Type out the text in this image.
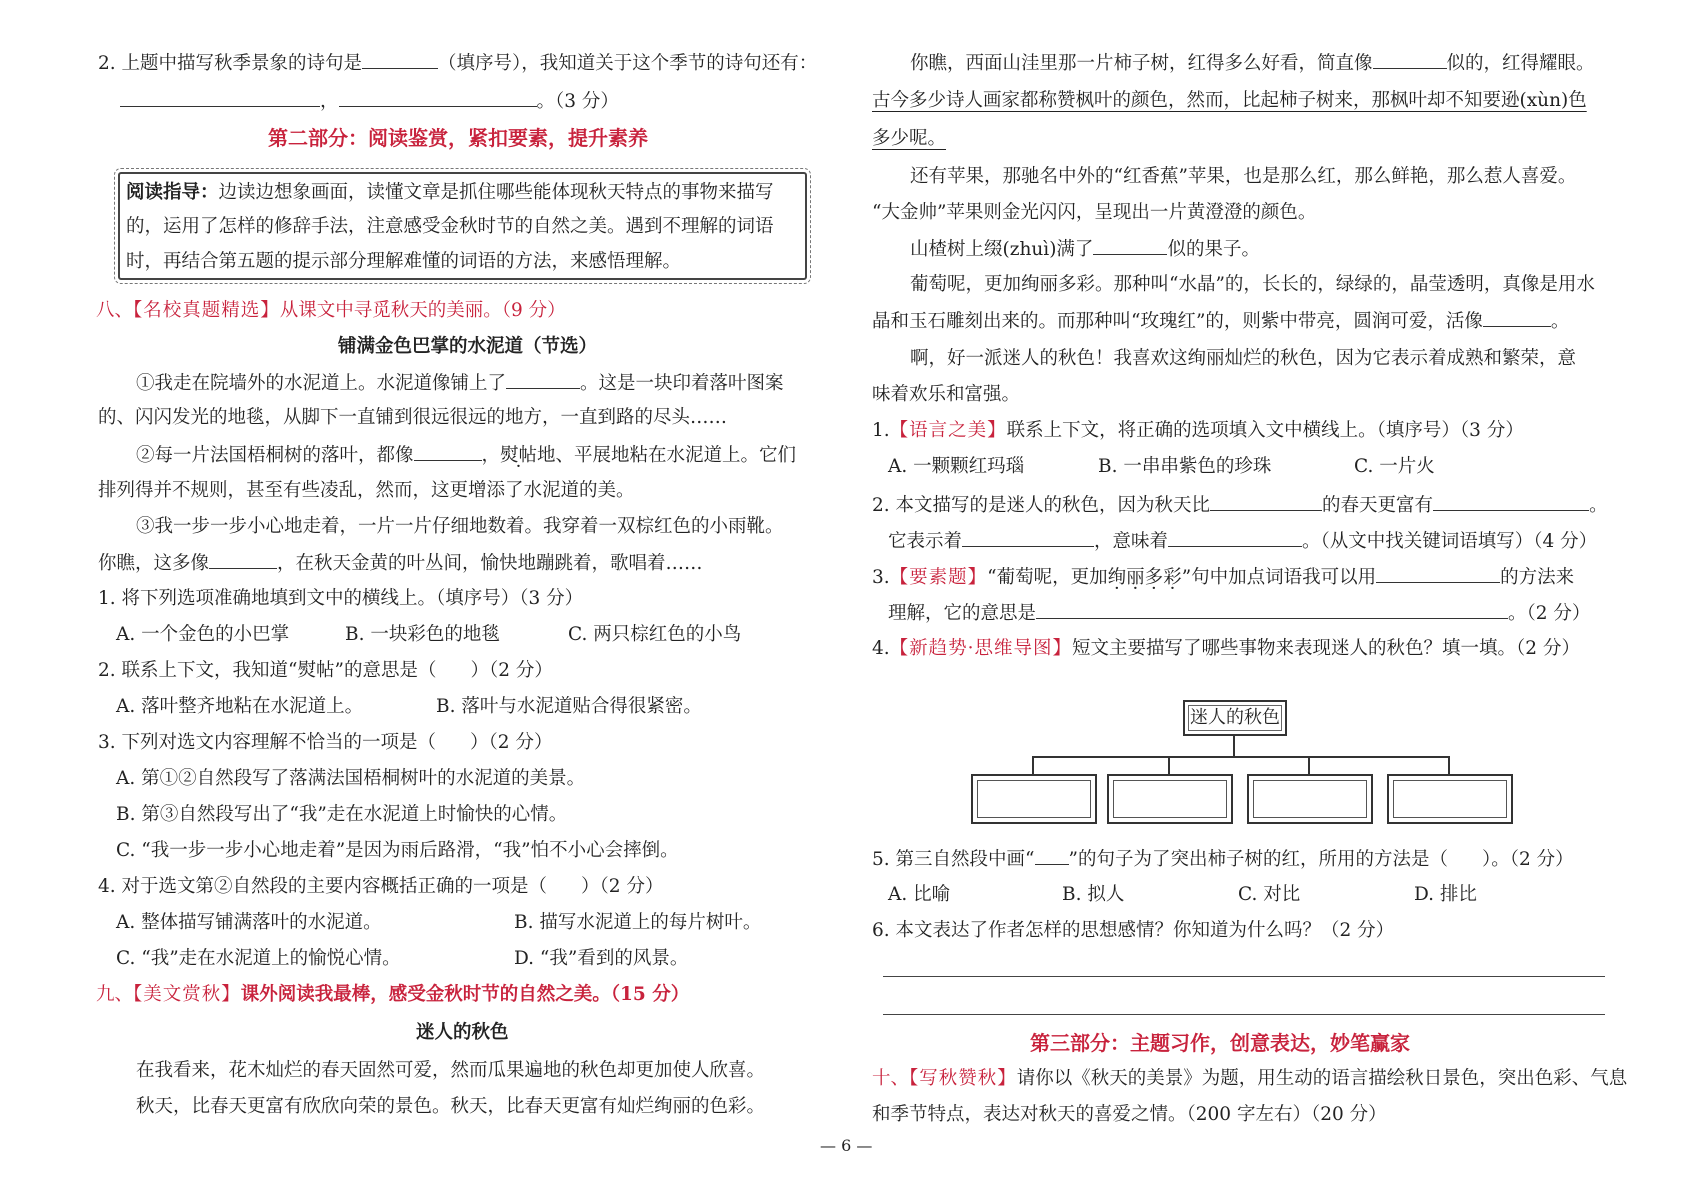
2. 上题中描写秋季景象的诗句是	（填序号），我知道关于这个季节的诗句还有：
，	。（3 分）
第二部分：阅读鉴赏，紧扣要素，提升素养
阅读指导：边读边想象画面，读懂文章是抓住哪些能体现秋天特点的事物来描写
的，运用了怎样的修辞手法，注意感受金秋时节的自然之美。遇到不理解的词语
时，再结合第五题的提示部分理解难懂的词语的方法，来感悟理解。
八、【名校真题精选】从课文中寻觅秋天的美丽。（9 分）
铺满金色巴掌的水泥道（节选）
①我走在院墙外的水泥道上。水泥道像铺上了	。这是一块印着落叶图案
的、闪闪发光的地毯，从脚下一直铺到很远很远的地方，一直到路的尽头……
②每一片法国梧桐树的落叶，都像	，熨帖地、平展地粘在水泥道上。它们
排列得并不规则，甚至有些凌乱，然而，这更增添了水泥道的美。
③我一步一步小心地走着，一片一片仔细地数着。我穿着一双棕红色的小雨靴。
你瞧，这多像	，在秋天金黄的叶丛间，愉快地蹦跳着，歌唱着……
1. 将下列选项准确地填到文中的横线上。（填序号）（3 分）
A. 一个金色的小巴掌	B. 一块彩色的地毯	C. 两只棕红色的小鸟
2. 联系上下文，我知道“熨帖”的意思是（ ）（2 分）
A. 落叶整齐地粘在水泥道上。	B. 落叶与水泥道贴合得很紧密。
3. 下列对选文内容理解不恰当的一项是（ ）（2 分）
A. 第①②自然段写了落满法国梧桐树叶的水泥道的美景。
B. 第③自然段写出了“我”走在水泥道上时愉快的心情。
C. “我一步一步小心地走着”是因为雨后路滑，“我”怕不小心会摔倒。
4. 对于选文第②自然段的主要内容概括正确的一项是（ ）（2 分）
A. 整体描写铺满落叶的水泥道。	B. 描写水泥道上的每片树叶。
C. “我”走在水泥道上的愉悦心情。	D. “我”看到的风景。
九、【美文赏秋】课外阅读我最棒，感受金秋时节的自然之美。（15 分）
迷人的秋色
在我看来，花木灿烂的春天固然可爱，然而瓜果遍地的秋色却更加使人欣喜。
秋天，比春天更富有欣欣向荣的景色。秋天，比春天更富有灿烂绚丽的色彩。
你瞧，西面山洼里那一片柿子树，红得多么好看，简直像	似的，红得耀眼。
古今多少诗人画家都称赞枫叶的颜色，然而，比起柿子树来，那枫叶却不知要逊(xùn)色
多少呢。
还有苹果，那驰名中外的“红香蕉”苹果，也是那么红，那么鲜艳，那么惹人喜爱。
“大金帅”苹果则金光闪闪，呈现出一片黄澄澄的颜色。
山楂树上缀(zhuì)满了	似的果子。
葡萄呢，更加绚丽多彩。那种叫“水晶”的，长长的，绿绿的，晶莹透明，真像是用水
晶和玉石雕刻出来的。而那种叫“玫瑰红”的，则紫中带亮，圆润可爱，活像	。
啊，好一派迷人的秋色！我喜欢这绚丽灿烂的秋色，因为它表示着成熟和繁荣，意
味着欢乐和富强。
1.【语言之美】联系上下文，将正确的选项填入文中横线上。（填序号）（3 分）
A. 一颗颗红玛瑙	B. 一串串紫色的珍珠	C. 一片火
2. 本文描写的是迷人的秋色，因为秋天比	的春天更富有	。
它表示着	，意味着	。（从文中找关键词语填写）（4 分）
3.【要素题】“葡萄呢，更加绚丽多彩”句中加点词语我可以用	的方法来
理解，它的意思是	。（2 分）
4.【新趋势·思维导图】短文主要描写了哪些事物来表现迷人的秋色？填一填。（2 分）
5. 第三自然段中画“ ”的句子为了突出柿子树的红，所用的方法是（ ）。（2 分）
A. 比喻	B. 拟人	C. 对比	D. 排比
6. 本文表达了作者怎样的思想感情？你知道为什么吗？（2 分）
第三部分：主题习作，创意表达，妙笔赢家
十、【写秋赞秋】请你以《秋天的美景》为题，用生动的语言描绘秋日景色，突出色彩、气息
和季节特点，表达对秋天的喜爱之情。（200 字左右）（20 分）
迷人的秋色
— 6 —
